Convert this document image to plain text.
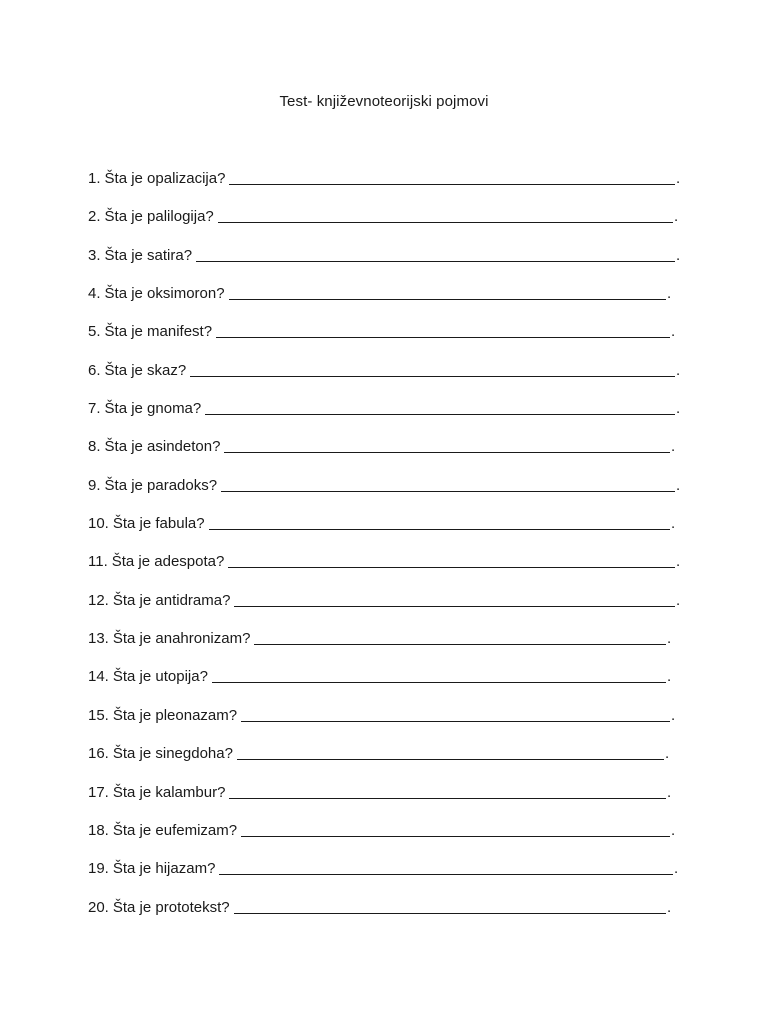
Test- književnoteorijski pojmovi
1. Šta je opalizacija?	.
2. Šta je palilogija?	.
3. Šta je satira?	.
4. Šta je oksimoron?	.
5. Šta je manifest?	.
6. Šta je skaz?	.
7. Šta je gnoma?	.
8. Šta je asindeton?	.
9. Šta je paradoks?	.
10. Šta je fabula?	.
11. Šta je adespota?	.
12. Šta je antidrama?	.
13. Šta je anahronizam?	.
14. Šta je utopija?	.
15. Šta je pleonazam?	.
16. Šta je sinegdoha?	.
17. Šta je kalambur?	.
18. Šta je eufemizam?	.
19. Šta je hijazam?	.
20. Šta je prototekst?	.
